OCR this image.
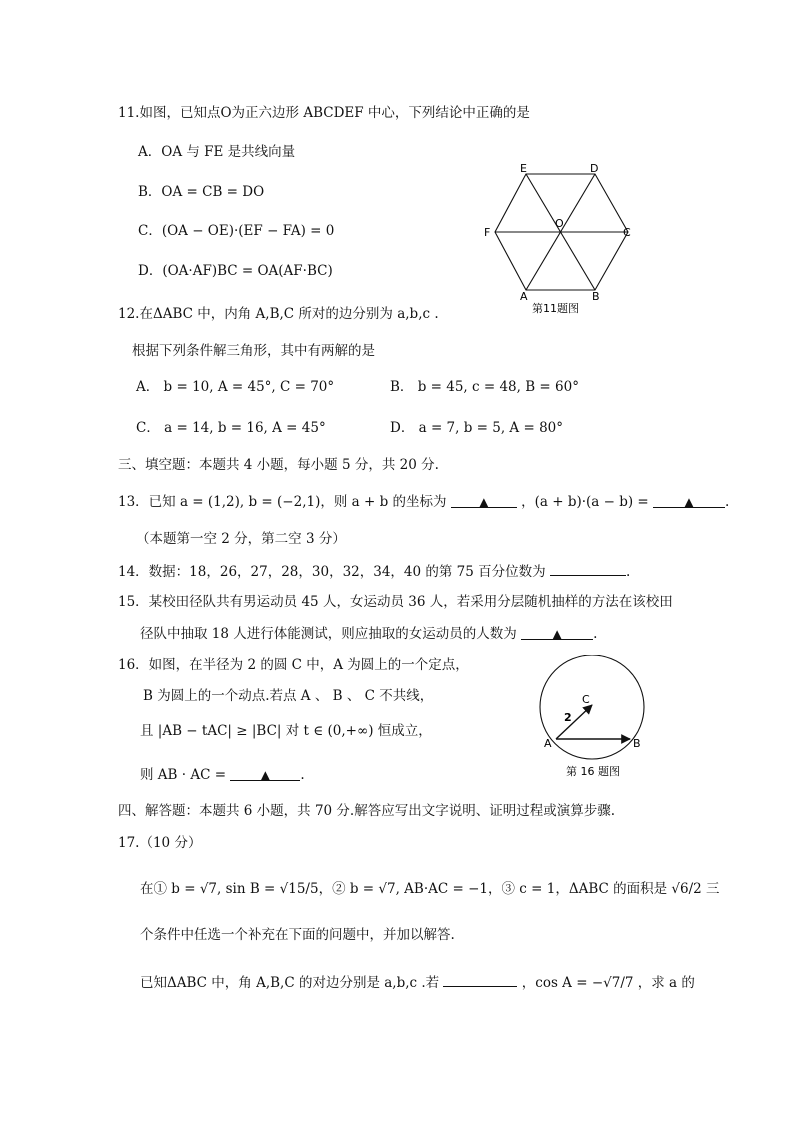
11.如图，已知点O为正六边形 ABCDEF 中心，下列结论中正确的是
A．OA 与 FE 是共线向量
B．OA = CB = DO
C．(OA − OE)·(EF − FA) = 0
D．(OA·AF)BC = OA(AF·BC)
E	D
F
O
C
A	B
第11题图
12.在ΔABC 中，内角 A,B,C 所对的边分别为 a,b,c .
根据下列条件解三角形，其中有两解的是
A． b = 10, A = 45°, C = 70°	B． b = 45, c = 48, B = 60°
C． a = 14, b = 16, A = 45°	D． a = 7, b = 5, A = 80°
三、填空题：本题共 4 小题，每小题 5 分，共 20 分.
13．已知 a = (1,2), b = (−2,1)，则 a + b 的坐标为	▲ ，(a + b)·(a − b) =	▲ .
（本题第一空 2 分，第二空 3 分）
14．数据：18，26，27，28，30，32，34，40 的第 75 百分位数为	.
15．某校田径队共有男运动员 45 人，女运动员 36 人，若采用分层随机抽样的方法在该校田
径队中抽取 18 人进行体能测试，则应抽取的女运动员的人数为	▲ .
16．如图，在半径为 2 的圆 C 中，A 为圆上的一个定点，
B 为圆上的一个动点.若点 A 、 B 、 C 不共线，
且 |AB − tAC| ≥ |BC| 对 t ∈ (0,+∞) 恒成立，
则 AB · AC =	▲ .
C
2
A	B
第 16 题图
四、解答题：本题共 6 小题，共 70 分.解答应写出文字说明、证明过程或演算步骤.
17.（10 分）
在① b = √7, sin B = √15/5，② b = √7, AB·AC = −1，③ c = 1，ΔABC 的面积是 √6/2 三
个条件中任选一个补充在下面的问题中，并加以解答.
已知ΔABC 中，角 A,B,C 的对边分别是 a,b,c .若	，cos A = −√7/7 ，求 a 的
